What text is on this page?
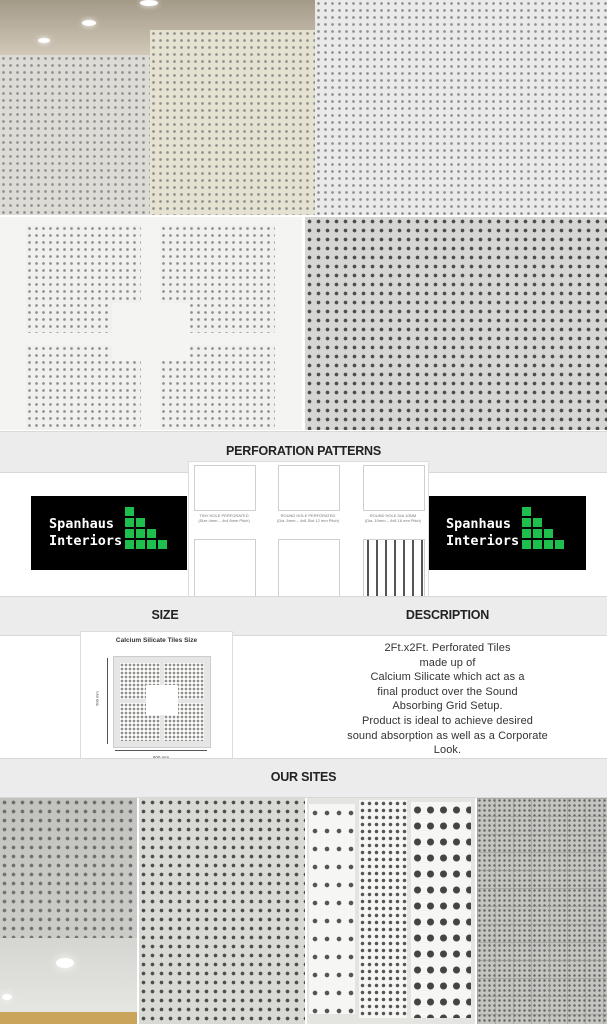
PERFORATION PATTERNS
Spanhaus
Interiors
Spanhaus
Interiors
TINY HOLE PERFORATED
(Size 4mm – 4x4 8mm Pitch)
ROUND HOLE PERFORATED
(Dia. 6mm – 4x8 Slot 12 mm Pitch)
ROUND HOLE DIA 10MM
(Dia. 10mm – 4x8 16 mm Pitch)
SIZE	DESCRIPTION
Calcium Silicate Tiles Size
600 mm
2Ft.x2Ft. Perforated Tiles
made up of
Calcium Silicate which act as a
final product over the Sound
Absorbing Grid Setup.
Product is ideal to achieve desired
sound absorption as well as a Corporate
Look.
OUR SITES
